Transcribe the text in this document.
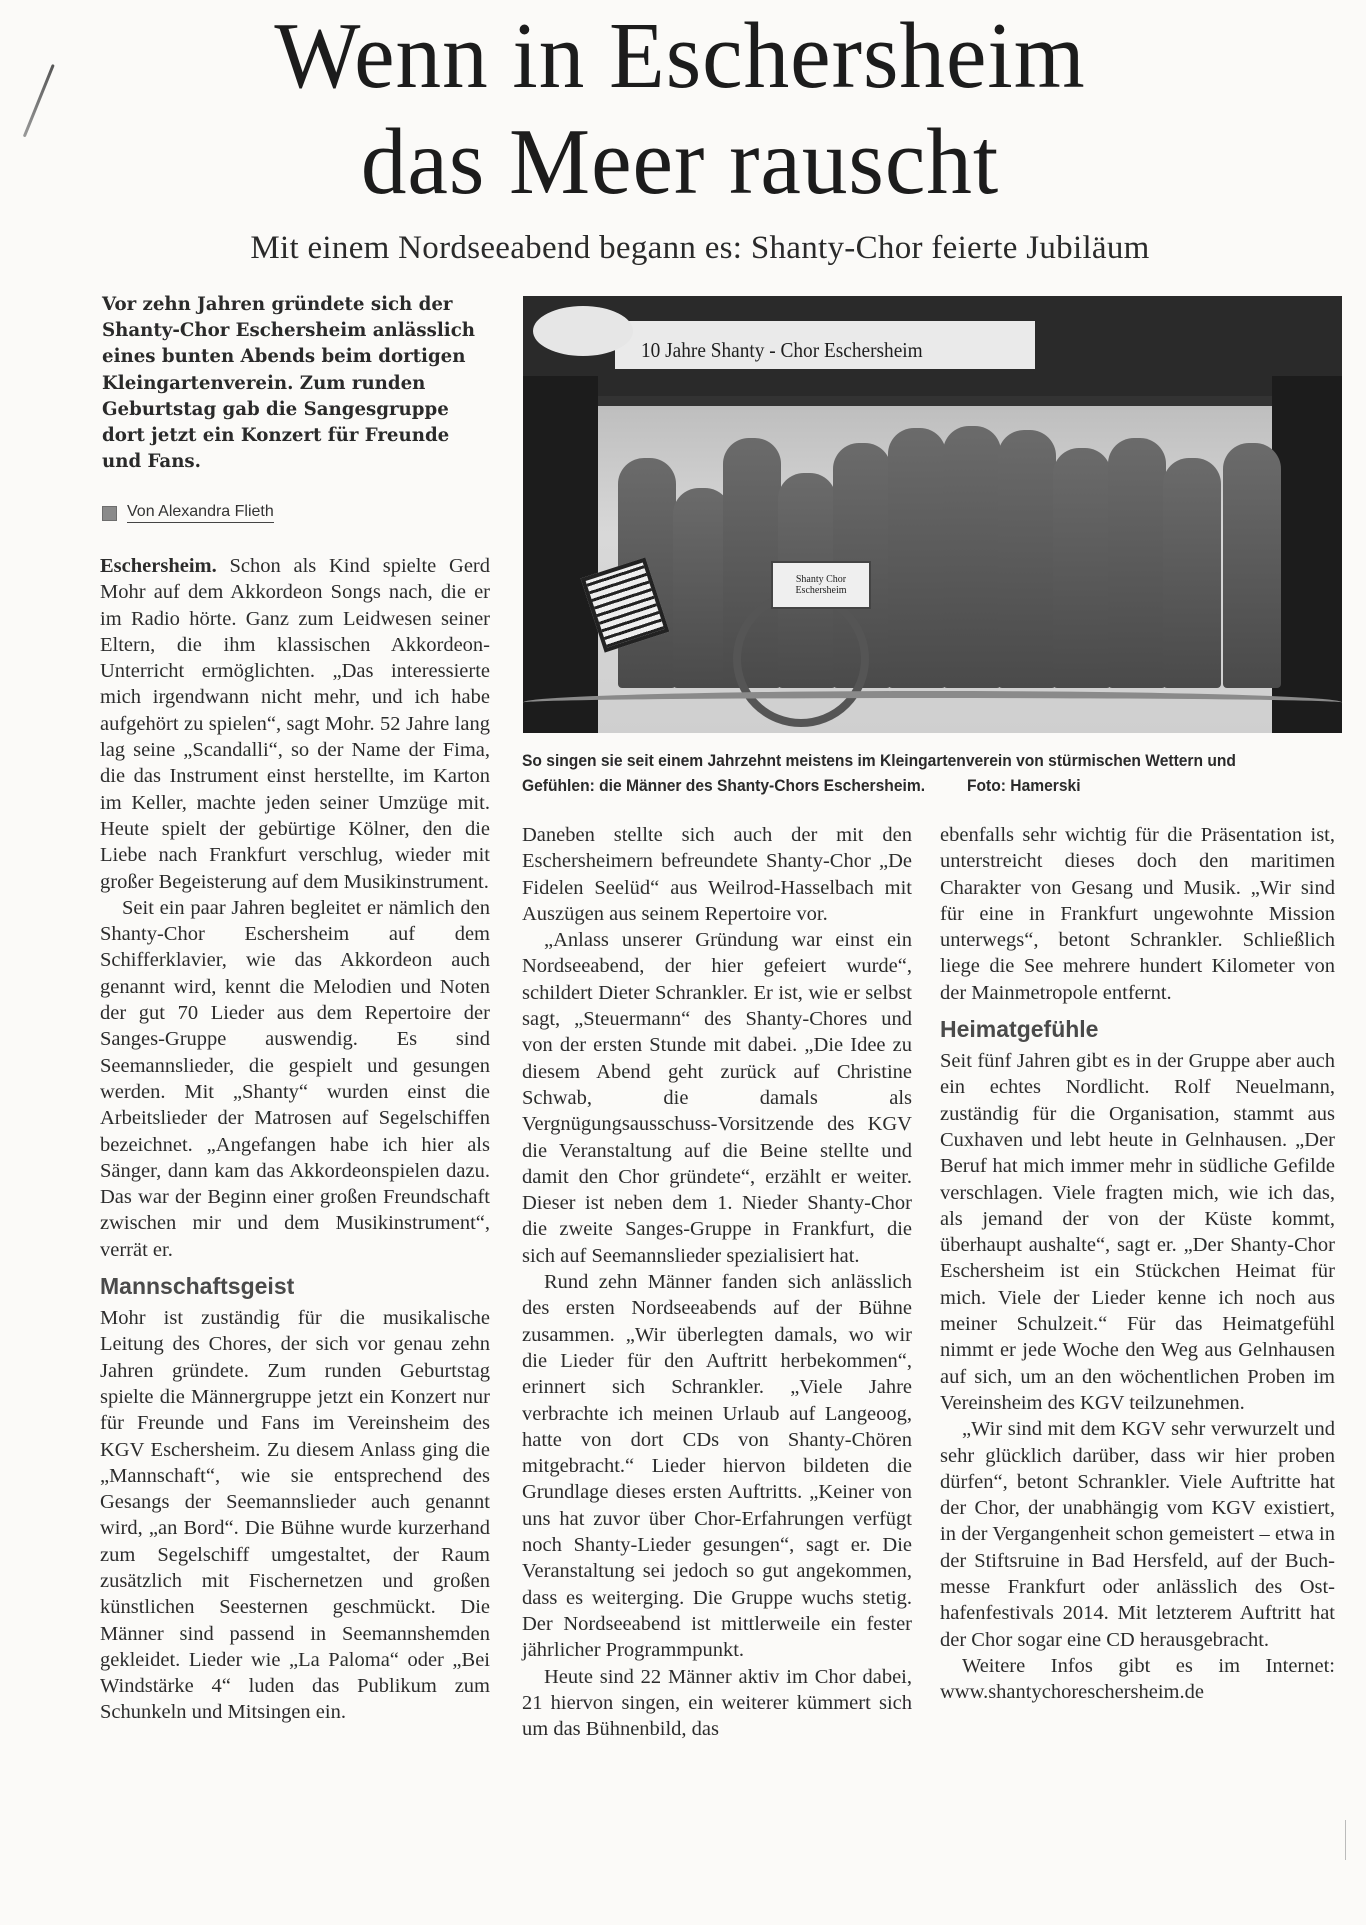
Wenn in Eschersheim
das Meer rauscht
Mit einem Nordseeabend begann es: Shanty-Chor feierte Jubiläum
Vor zehn Jahren gründete sich der Shanty-Chor Eschersheim anlässlich eines bunten Abends beim dortigen Kleingartenverein. Zum runden Geburtstag gab die Sangesgruppe dort jetzt ein Konzert für Freunde und Fans.
Von Alexandra Flieth
10 Jahre Shanty - Chor Eschersheim
Shanty Chor Eschersheim
So singen sie seit einem Jahrzehnt meistens im Kleingartenverein von stürmischen Wettern und Gefühlen: die Männer des Shanty-Chors Eschersheim.	Foto: Hamerski

Eschersheim. Schon als Kind spielte Gerd Mohr auf dem Akkordeon Songs nach, die er im Radio hörte. Ganz zum Leidwesen seiner Eltern, die ihm klassischen Akkordeon-Unterricht ermöglichten. „Das interessierte mich irgendwann nicht mehr, und ich habe aufgehört zu spielen“, sagt Mohr. 52 Jahre lang lag seine „Scandalli“, so der Name der Fima, die das Instrument einst herstellte, im Karton im Keller, machte jeden seiner Umzüge mit. Heute spielt der gebürtige Kölner, den die Liebe nach Frankfurt verschlug, wieder mit großer Begeisterung auf dem Musikinstrument.

Seit ein paar Jahren begleitet er nämlich den Shanty-Chor Eschersheim auf dem Schifferklavier, wie das Akkordeon auch genannt wird, kennt die Melodien und Noten der gut 70 Lieder aus dem Repertoire der Sanges-Gruppe auswendig. Es sind Seemannslieder, die gespielt und gesungen werden. Mit „Shanty“ wurden einst die Arbeitslieder der Matrosen auf Segelschiffen bezeichnet. „Angefangen habe ich hier als Sänger, dann kam das Akkordeonspielen dazu. Das war der Beginn einer großen Freundschaft zwischen mir und dem Musikinstrument“, verrät er.

Mannschaftsgeist

Mohr ist zuständig für die musikalische Leitung des Chores, der sich vor genau zehn Jahren gründete. Zum runden Geburtstag spielte die Männergruppe jetzt ein Konzert nur für Freunde und Fans im Vereinsheim des KGV Eschersheim. Zu diesem Anlass ging die „Mannschaft“, wie sie entsprechend des Gesangs der Seemannslieder auch genannt wird, „an Bord“. Die Bühne wurde kurzerhand zum Segelschiff umgestaltet, der Raum zusätzlich mit Fischernetzen und großen künstlichen Seesternen geschmückt. Die Männer sind passend in Seemannshemden gekleidet. Lieder wie „La Paloma“ oder „Bei Windstärke 4“ luden das Publikum zum Schunkeln und Mitsingen ein.

Daneben stellte sich auch der mit den Eschersheimern befreundete Shanty-Chor „De Fidelen Seelüd“ aus Weilrod-Hasselbach mit Auszügen aus seinem Repertoire vor.

„Anlass unserer Gründung war einst ein Nordseeabend, der hier gefeiert wurde“, schildert Dieter Schrankler. Er ist, wie er selbst sagt, „Steuermann“ des Shanty-Chores und von der ersten Stunde mit dabei. „Die Idee zu diesem Abend geht zurück auf Christine Schwab, die damals als Vergnügungsausschuss-Vorsitzende des KGV die Veranstaltung auf die Beine stellte und damit den Chor gründete“, erzählt er weiter. Dieser ist neben dem 1. Nieder Shanty-Chor die zweite Sanges-Gruppe in Frankfurt, die sich auf Seemannslieder spezialisiert hat.

Rund zehn Männer fanden sich anlässlich des ersten Nordseeabends auf der Bühne zusammen. „Wir überlegten damals, wo wir die Lieder für den Auftritt herbekommen“, erinnert sich Schrankler. „Viele Jahre verbrachte ich meinen Urlaub auf Langeoog, hatte von dort CDs von Shanty-Chören mitgebracht.“ Lieder hiervon bildeten die Grundlage dieses ersten Auftritts. „Keiner von uns hat zuvor über Chor-Erfahrungen verfügt noch Shanty-Lieder gesungen“, sagt er. Die Veranstaltung sei jedoch so gut angekommen, dass es weiterging. Die Gruppe wuchs stetig. Der Nordseeabend ist mittlerweile ein fester jährlicher Programmpunkt.

Heute sind 22 Männer aktiv im Chor dabei, 21 hiervon singen, ein weiterer kümmert sich um das Bühnenbild, das

ebenfalls sehr wichtig für die Präsentation ist, unterstreicht dieses doch den maritimen Charakter von Gesang und Musik. „Wir sind für eine in Frankfurt ungewohnte Mission unterwegs“, betont Schrankler. Schließlich liege die See mehrere hundert Kilometer von der Mainmetropole entfernt.

Heimatgefühle

Seit fünf Jahren gibt es in der Gruppe aber auch ein echtes Nordlicht. Rolf Neuelmann, zuständig für die Organisation, stammt aus Cuxhaven und lebt heute in Gelnhausen. „Der Beruf hat mich immer mehr in südliche Gefilde verschlagen. Viele fragten mich, wie ich das, als jemand der von der Küste kommt, überhaupt aushalte“, sagt er. „Der Shanty-Chor Eschersheim ist ein Stückchen Heimat für mich. Viele der Lieder kenne ich noch aus meiner Schulzeit.“ Für das Heimatgefühl nimmt er jede Woche den Weg aus Gelnhausen auf sich, um an den wöchentlichen Proben im Vereinsheim des KGV teilzunehmen.

„Wir sind mit dem KGV sehr verwurzelt und sehr glücklich darüber, dass wir hier proben dürfen“, betont Schrankler. Viele Auftritte hat der Chor, der unabhängig vom KGV existiert, in der Vergangenheit schon gemeistert – etwa in der Stiftsruine in Bad Hersfeld, auf der Buchmesse Frankfurt oder anlässlich des Osthafenfestivals 2014. Mit letzterem Auftritt hat der Chor sogar eine CD herausgebracht.

Weitere Infos gibt es im Internet: www.shantychoreschersheim.de
